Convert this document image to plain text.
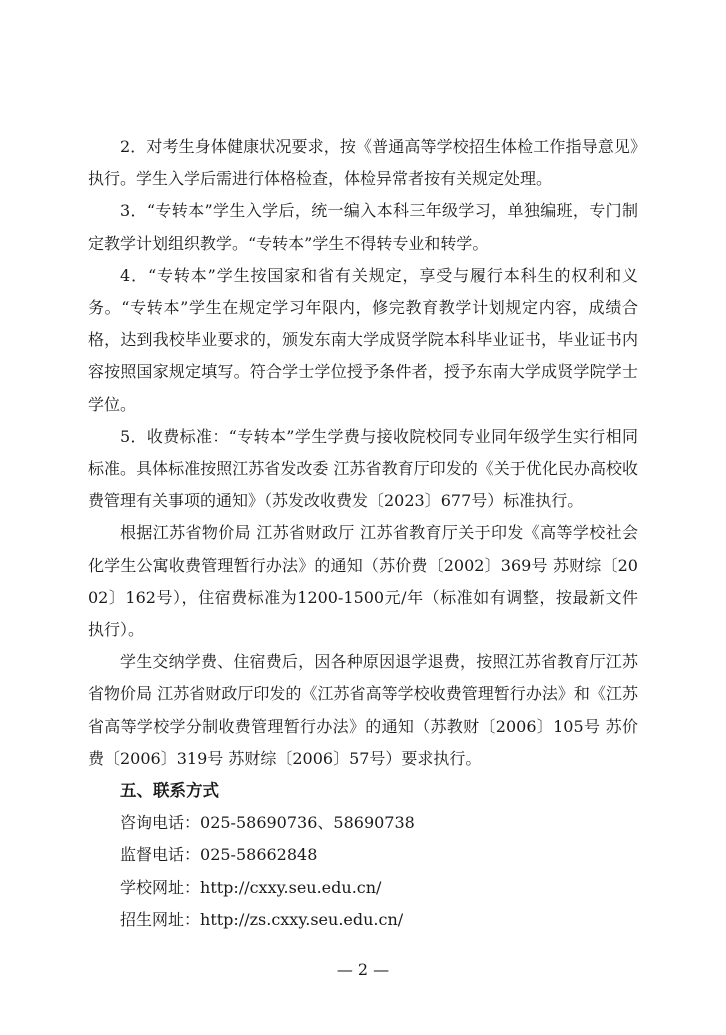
2．对考生身体健康状况要求，按《普通高等学校招生体检工作指导意见》执行。学生入学后需进行体格检查，体检异常者按有关规定处理。

3．“专转本”学生入学后，统一编入本科三年级学习，单独编班，专门制定教学计划组织教学。“专转本”学生不得转专业和转学。

4．“专转本”学生按国家和省有关规定，享受与履行本科生的权利和义务。“专转本”学生在规定学习年限内，修完教育教学计划规定内容，成绩合格，达到我校毕业要求的，颁发东南大学成贤学院本科毕业证书，毕业证书内容按照国家规定填写。符合学士学位授予条件者，授予东南大学成贤学院学士学位。

5．收费标准：“专转本”学生学费与接收院校同专业同年级学生实行相同标准。具体标准按照江苏省发改委 江苏省教育厅印发的《关于优化民办高校收费管理有关事项的通知》（苏发改收费发〔2023〕677号）标准执行。

根据江苏省物价局 江苏省财政厅 江苏省教育厅关于印发《高等学校社会化学生公寓收费管理暂行办法》的通知（苏价费〔2002〕369号 苏财综〔2002〕162号），住宿费标准为1200-1500元/年（标准如有调整，按最新文件执行）。

学生交纳学费、住宿费后，因各种原因退学退费，按照江苏省教育厅江苏省物价局 江苏省财政厅印发的《江苏省高等学校收费管理暂行办法》和《江苏省高等学校学分制收费管理暂行办法》的通知（苏教财〔2006〕105号 苏价费〔2006〕319号 苏财综〔2006〕57号）要求执行。

五、联系方式

咨询电话：025-58690736、58690738

监督电话：025-58662848

学校网址：http://cxxy.seu.edu.cn/

招生网址：http://zs.cxxy.seu.edu.cn/

— 2 —
